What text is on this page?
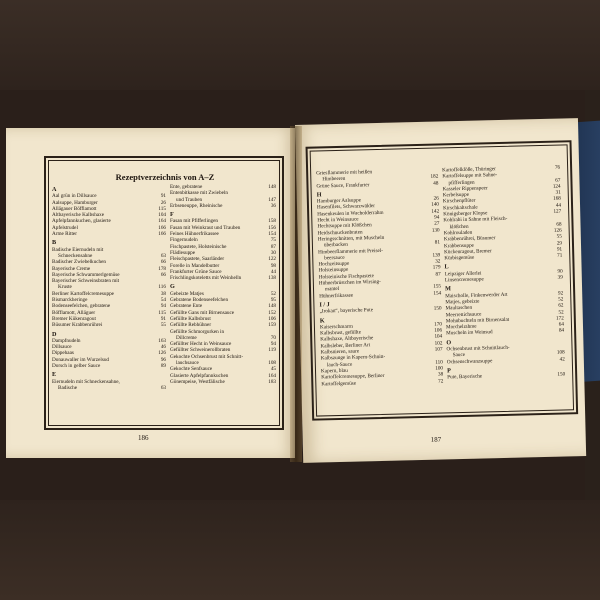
Rezeptverzeichnis von A–Z
A
Aal grün in Dillsauce	91
Aalsuppe, Hamburger	26
Allägauer Böfflamott	115
Altbayerische Kalbshaxe	104
Apfelpfannkuchen, glasierte	164
Apfelstrudel	166
Arme Ritter	166
B
Badische Eiernudeln mit
Schneckensahne	63
Badischer Zwiebelkuchen	66
Bayerische Creme	178
Bayerische Schwammerlgemüse	66
Bayerischer Schweinsbraten mit
Kruste	116
Berliner Kartoffelcremesuppe	38
Bismarckheringe	54
Bodenseefelchen, gebratene	94
Böfflamott, Alläguer	115
Bremer Kükenragout	91
Büsumer Krabbenrührei	55
D
Dampfnudeln	163
Dillsauce	46
Dippehaas	126
Donauwaller im Wurzelsud	96
Dorsch in gelber Sauce	89
E
Eiernudeln mit Schneckensahne,
Badische	63
Ente, gebratene	148
Entenbitkasse mit Zwiebeln
und Trauben	147
Erbseneuppe, Rheinische	36
F
Fasan mit Pfifferlingen	158
Fasan mit Weinkraut und Trauben	156
Feines Hühnerfrikassee	154
Fingernudeln	75
Fischpastete, Holsteinische	87
Flädlesuppe	30
Fleischpastete, Saarländer	122
Forelle in Mandelbutter	98
Frankfurter Grüne Sauce	44
Frischlingskoteletts mit Weinhelln	138
G
Gebeizte Matjes	52
Gebratene Bodenseefelchen	95
Gebratene Ente	148
Gefüllte Gans mit Birnensauce	152
Gefüllte Kalbsbrust	106
Gefüllte Rebhühner	159
Gefüllte Schmorgurken in
Dillcreme	70
Gefüllter Hecht in Weinsauce	94
Gefüllter Schweinerollbraten	119
Gekochte Ochsenbrust mit Schnitt-
lauchsauce	108
Gekochte Senfsauce	45
Glasierte Apfelpfannkuchen	164
Gönempeise, Westfälische	183
186
Griesflammerie mit heißen
Himbeeren	182
Grüne Sauce, Frankfurter	48
H
Hamburger Aalsuppe	26
Hasenfilets, Schwarzwälder	140
Hasenkeulen in Wacholderrahm	142
Hecht in Weinsauce	94
Hechtsuppe mit Klößchen	27
Heidschnuckenbraten	130
Heringsschnitten, mit Muscheln
überbacken	81
Himbeerflammerie mit Preisel-
beersauce	139
Hochzeitsuppe	32
Holsteinsuppe	179
Holsteinische Fischpastete	87
Hühnerbrüstchen im Wirsing-
mantel	155
Hühnerfrikassee	154
I / J
„Irokan“, bayerische Pute	150
K
Kaiserschmarrn	170
Kalbsbrust, gefüllte	106
Kalbshaxe, Altbayerische	104
Kalbsleber, Berliner Art	102
Kalbsnieren, saure	107
Kalbszunge in Kapern-Schnitt-
lauch-Sauce	110
Kapern, blau	100
Kartoffelcremesuppe, Berliner	38
Kartoffelgemüse	72
Kartoffelklöße, Thüringer	76
Kartoffelsuppe mit Sahne-
pfifferlingen	67
Kasseler Rippenspeer	124
Kerbelsuppe	31
Kirschenpflüter	168
Kirschkaltschale	44
Königsberger Klopse	127
Kohlrabi in Sahne mit Fleisch-
klößchen	68
Kohlrouladen	126
Krabbenrührei, Büsumer	55
Krabbensuppe	29
Kückenragout, Bremer	91
Kürbisgemüse	71
L
Leipziger Allerlei	90
Linsencremesuppe	39
M
Maischolle, Finkenwerder Art	92
Matjes, gebeizte	52
Maultaschen	62
Meerrettichsauce	52
Mohnbuchteln mit Birnensalat	172
Morchelrahme	64
Muscheln im Weinsud	84
O
Ochsenbrust mit Schnittlauch-
Sauce	108
Ochsenschwanzsuppe	42
P
Pute, Bayerische	150
187
